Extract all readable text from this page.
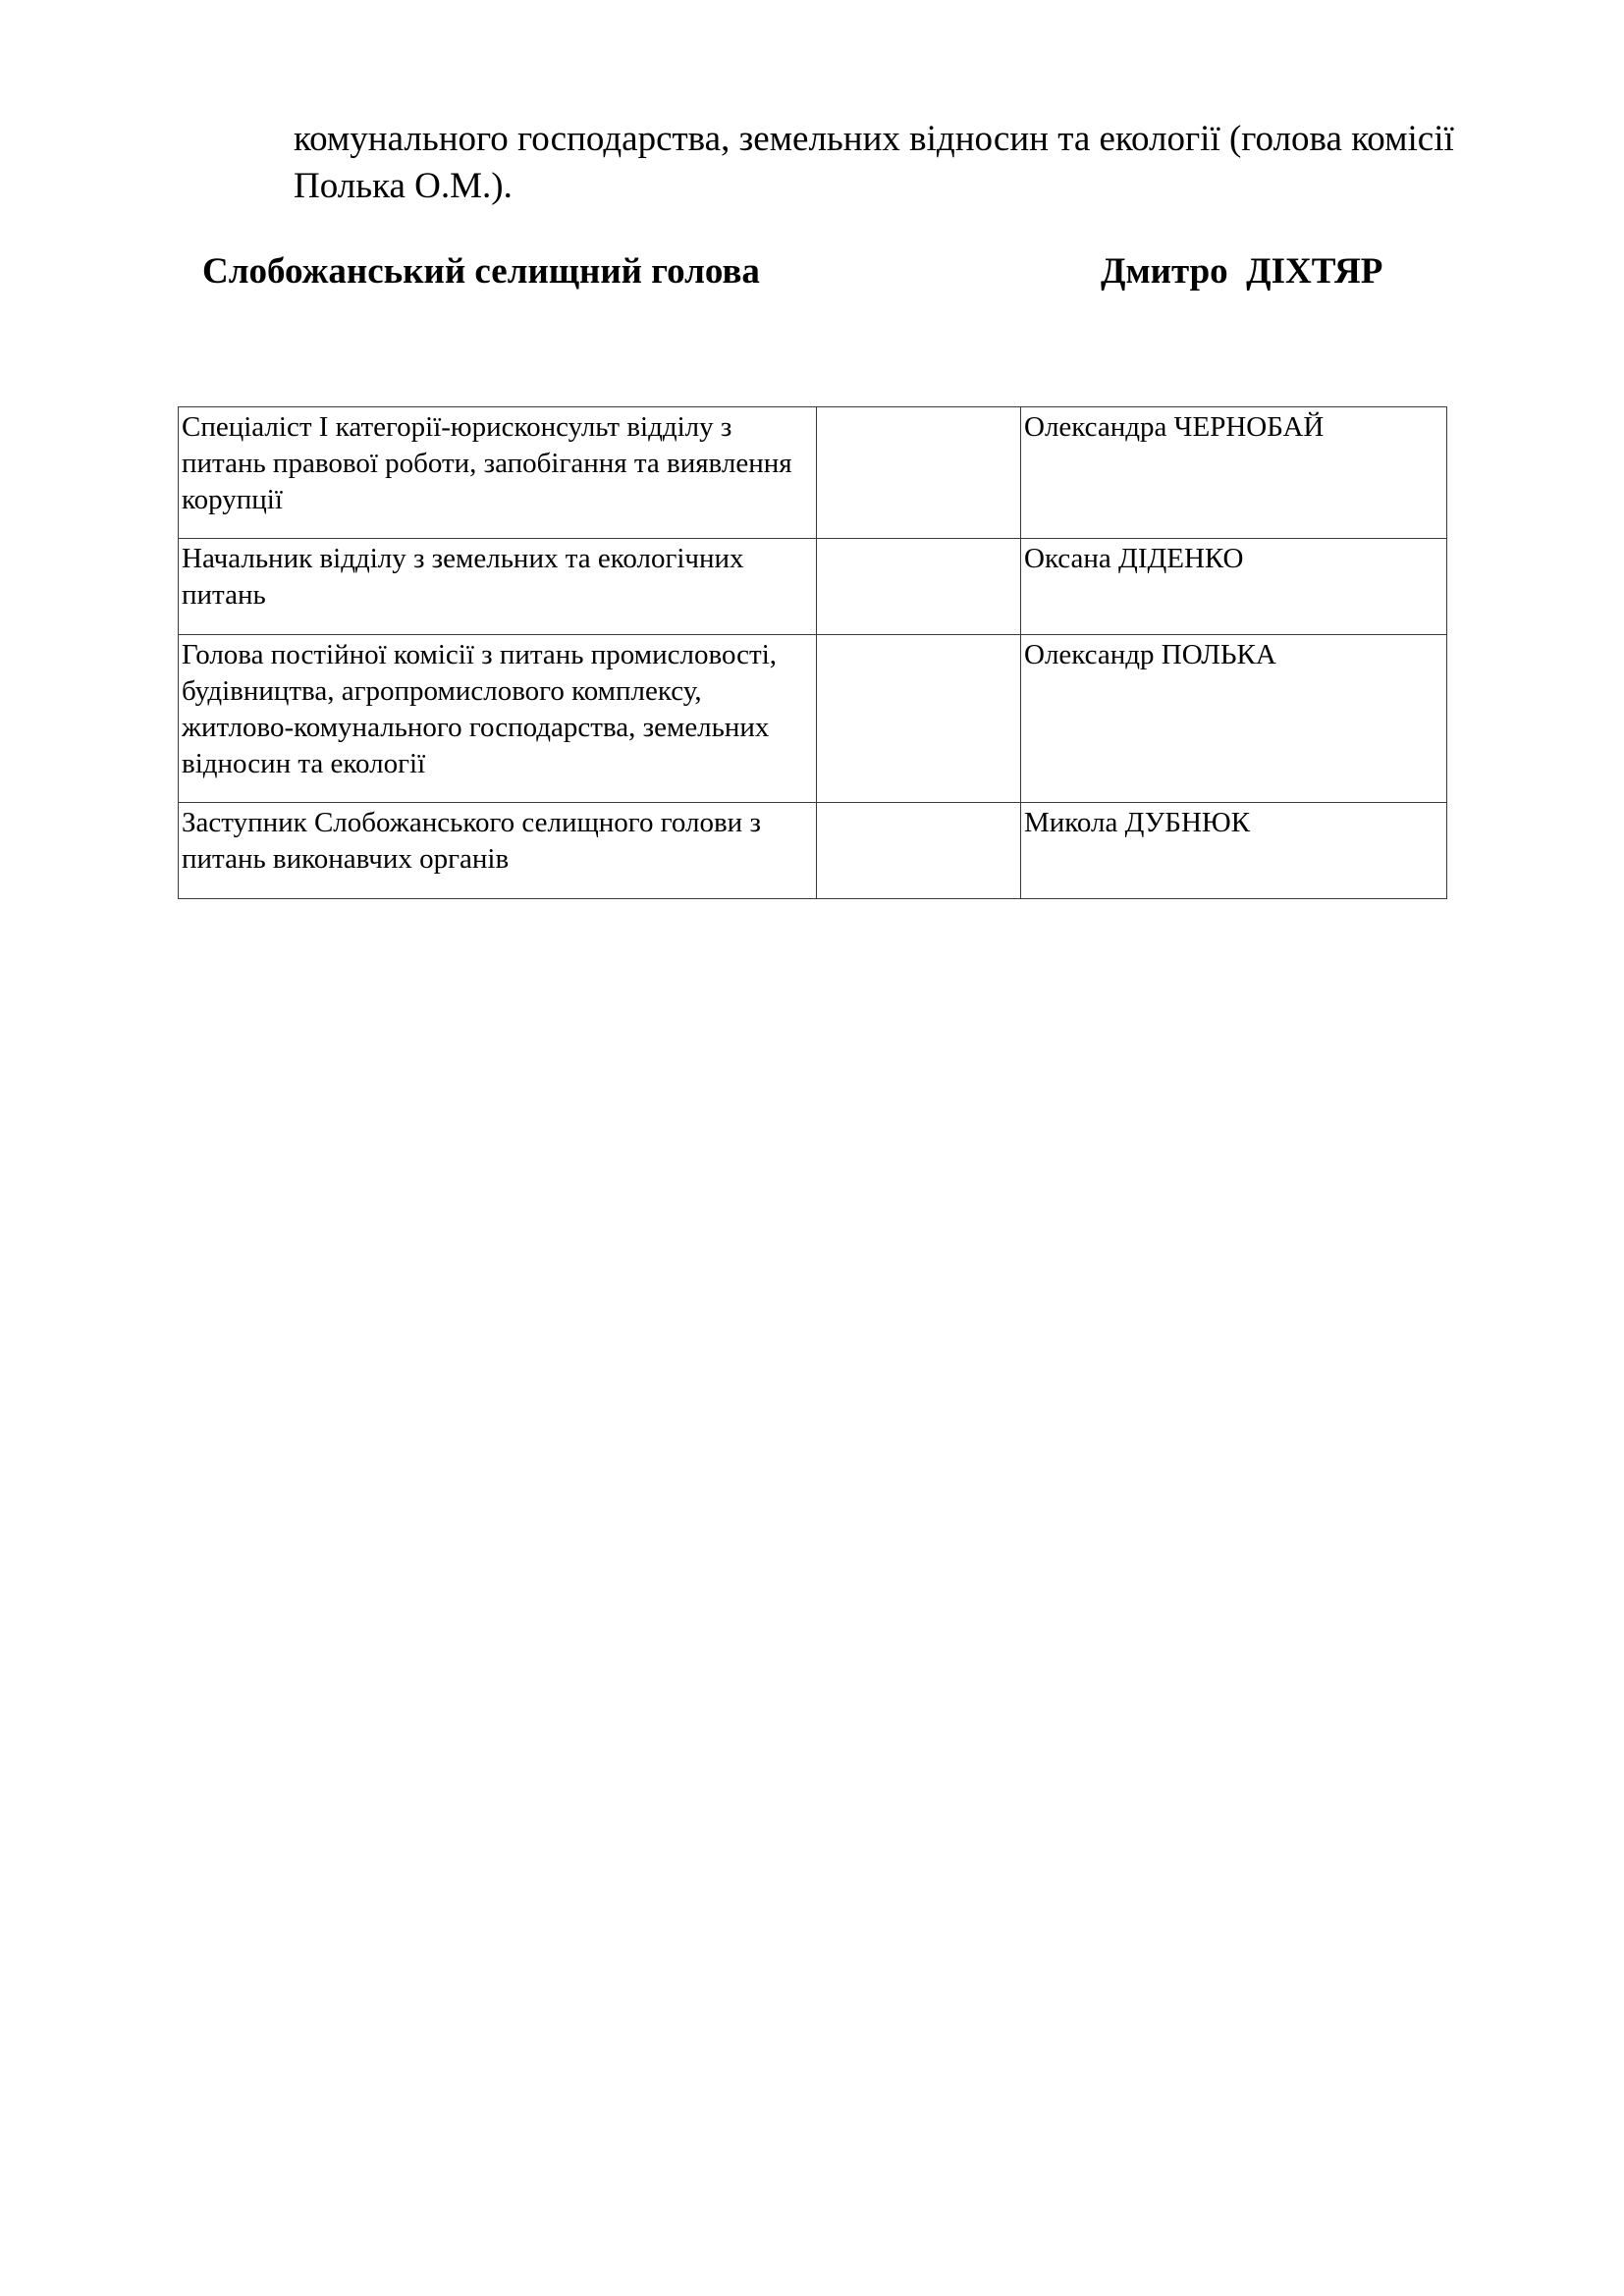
комунального господарства, земельних відносин та екології (голова комісії
Полька О.М.).

Слобожанський селищний голова	Дмитро  ДІХТЯР
Спеціаліст I категорії-юрисконсульт відділу з питань правової роботи, запобігання та виявлення корупції		Олександра ЧЕРНОБАЙ
Начальник відділу з земельних та екологічних питань		Оксана ДІДЕНКО
Голова постійної комісії з питань промисловості, будівництва, агропромислового комплексу, житлово-комунального господарства, земельних відносин та екології		Олександр ПОЛЬКА
Заступник Слобожанського селищного голови з питань виконавчих органів		Микола ДУБНЮК
